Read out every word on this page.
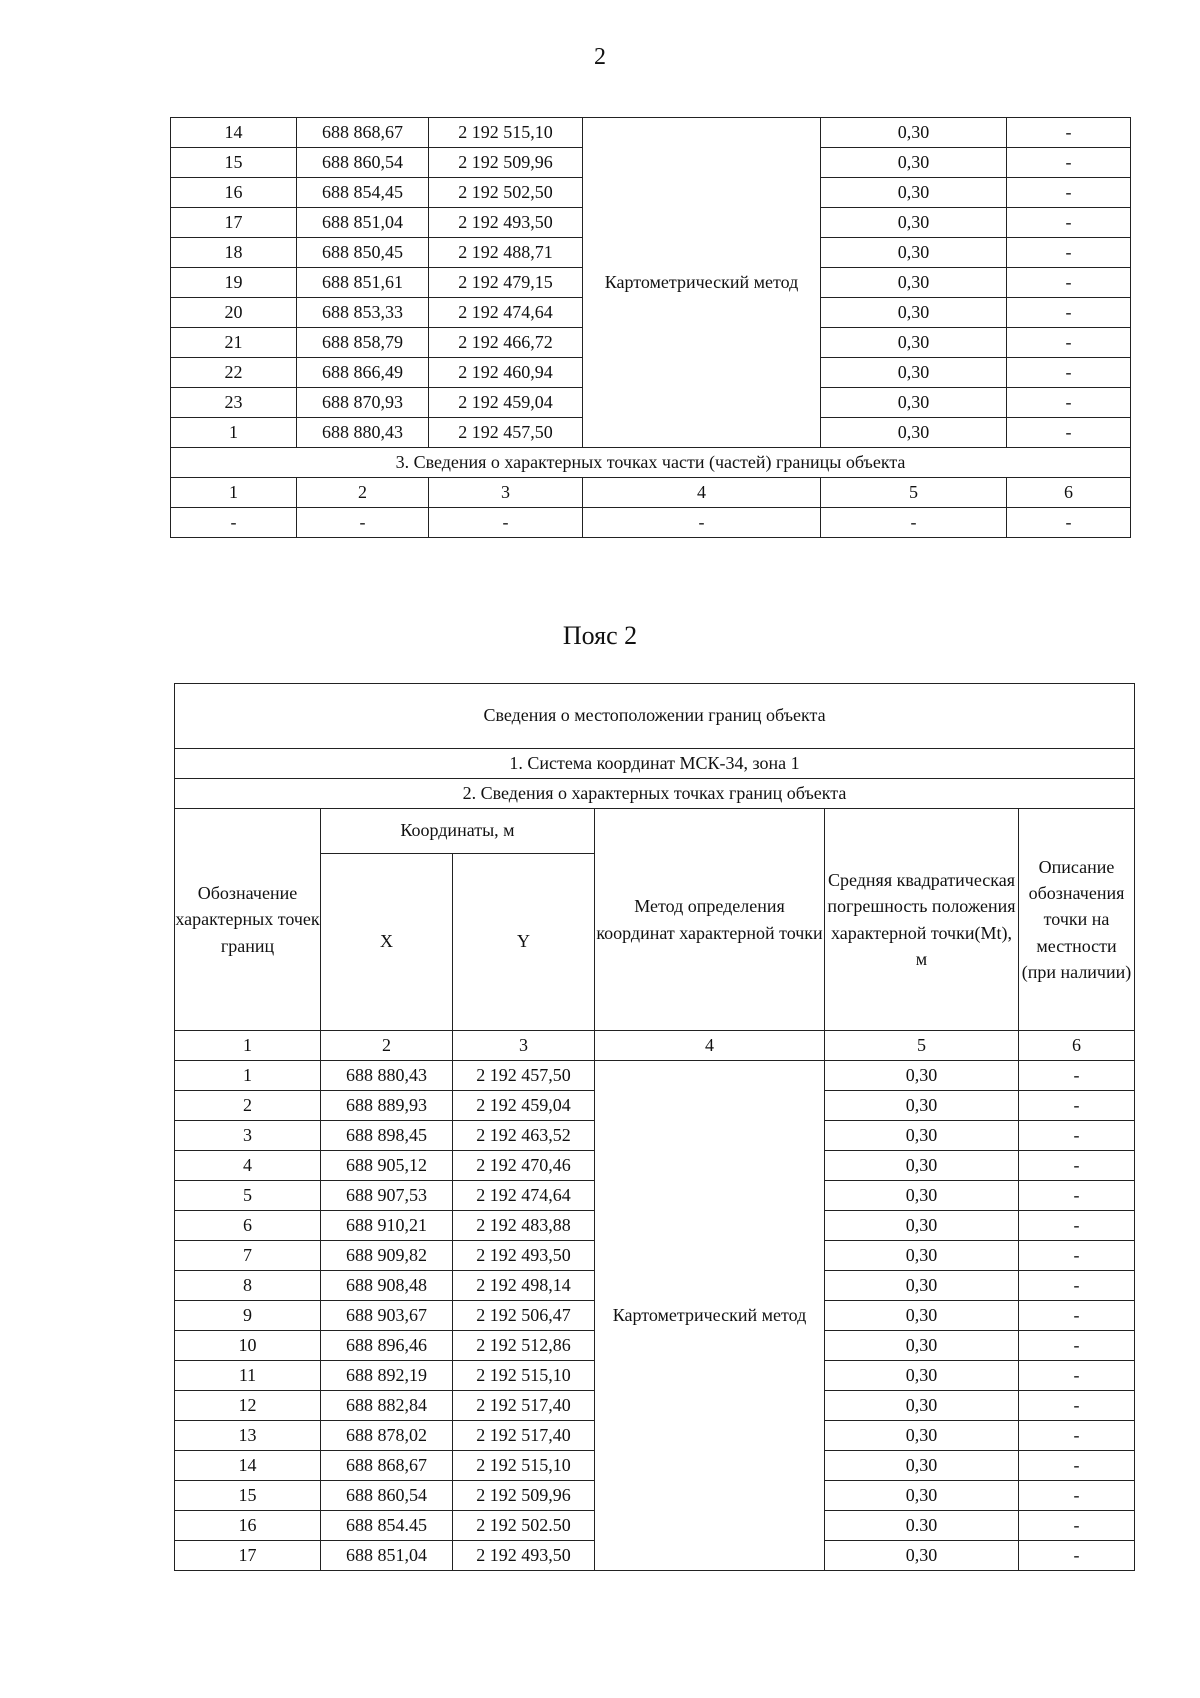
2
14	688 868,67	2 192 515,10	Картометрический метод	0,30	-
15	688 860,54	2 192 509,96		0,30	-
16	688 854,45	2 192 502,50		0,30	-
17	688 851,04	2 192 493,50		0,30	-
18	688 850,45	2 192 488,71		0,30	-
19	688 851,61	2 192 479,15		0,30	-
20	688 853,33	2 192 474,64		0,30	-
21	688 858,79	2 192 466,72		0,30	-
22	688 866,49	2 192 460,94		0,30	-
23	688 870,93	2 192 459,04		0,30	-
1	688 880,43	2 192 457,50		0,30	-
3. Сведения о характерных точках части (частей) границы объекта					
1	2	3	4	5	6
-	-	-	-	-	-
Пояс 2
Сведения о местоположении границ объекта					
1. Система координат МСК-34, зона 1					
2. Сведения о характерных точках границ объекта					
Обозначение характерных точек границ	Координаты, м		Метод определения координат характерной точки	Средняя квадратическая погрешность положения характерной точки(Mt), м	Описание обозначения точки на местности (при наличии)
	X	Y			
1	2	3	4	5	6
1	688 880,43	2 192 457,50	Картометрический метод	0,30	-
2	688 889,93	2 192 459,04		0,30	-
3	688 898,45	2 192 463,52		0,30	-
4	688 905,12	2 192 470,46		0,30	-
5	688 907,53	2 192 474,64		0,30	-
6	688 910,21	2 192 483,88		0,30	-
7	688 909,82	2 192 493,50		0,30	-
8	688 908,48	2 192 498,14		0,30	-
9	688 903,67	2 192 506,47		0,30	-
10	688 896,46	2 192 512,86		0,30	-
11	688 892,19	2 192 515,10		0,30	-
12	688 882,84	2 192 517,40		0,30	-
13	688 878,02	2 192 517,40		0,30	-
14	688 868,67	2 192 515,10		0,30	-
15	688 860,54	2 192 509,96		0,30	-
16	688 854.45	2 192 502.50		0.30	-
17	688 851,04	2 192 493,50		0,30	-
